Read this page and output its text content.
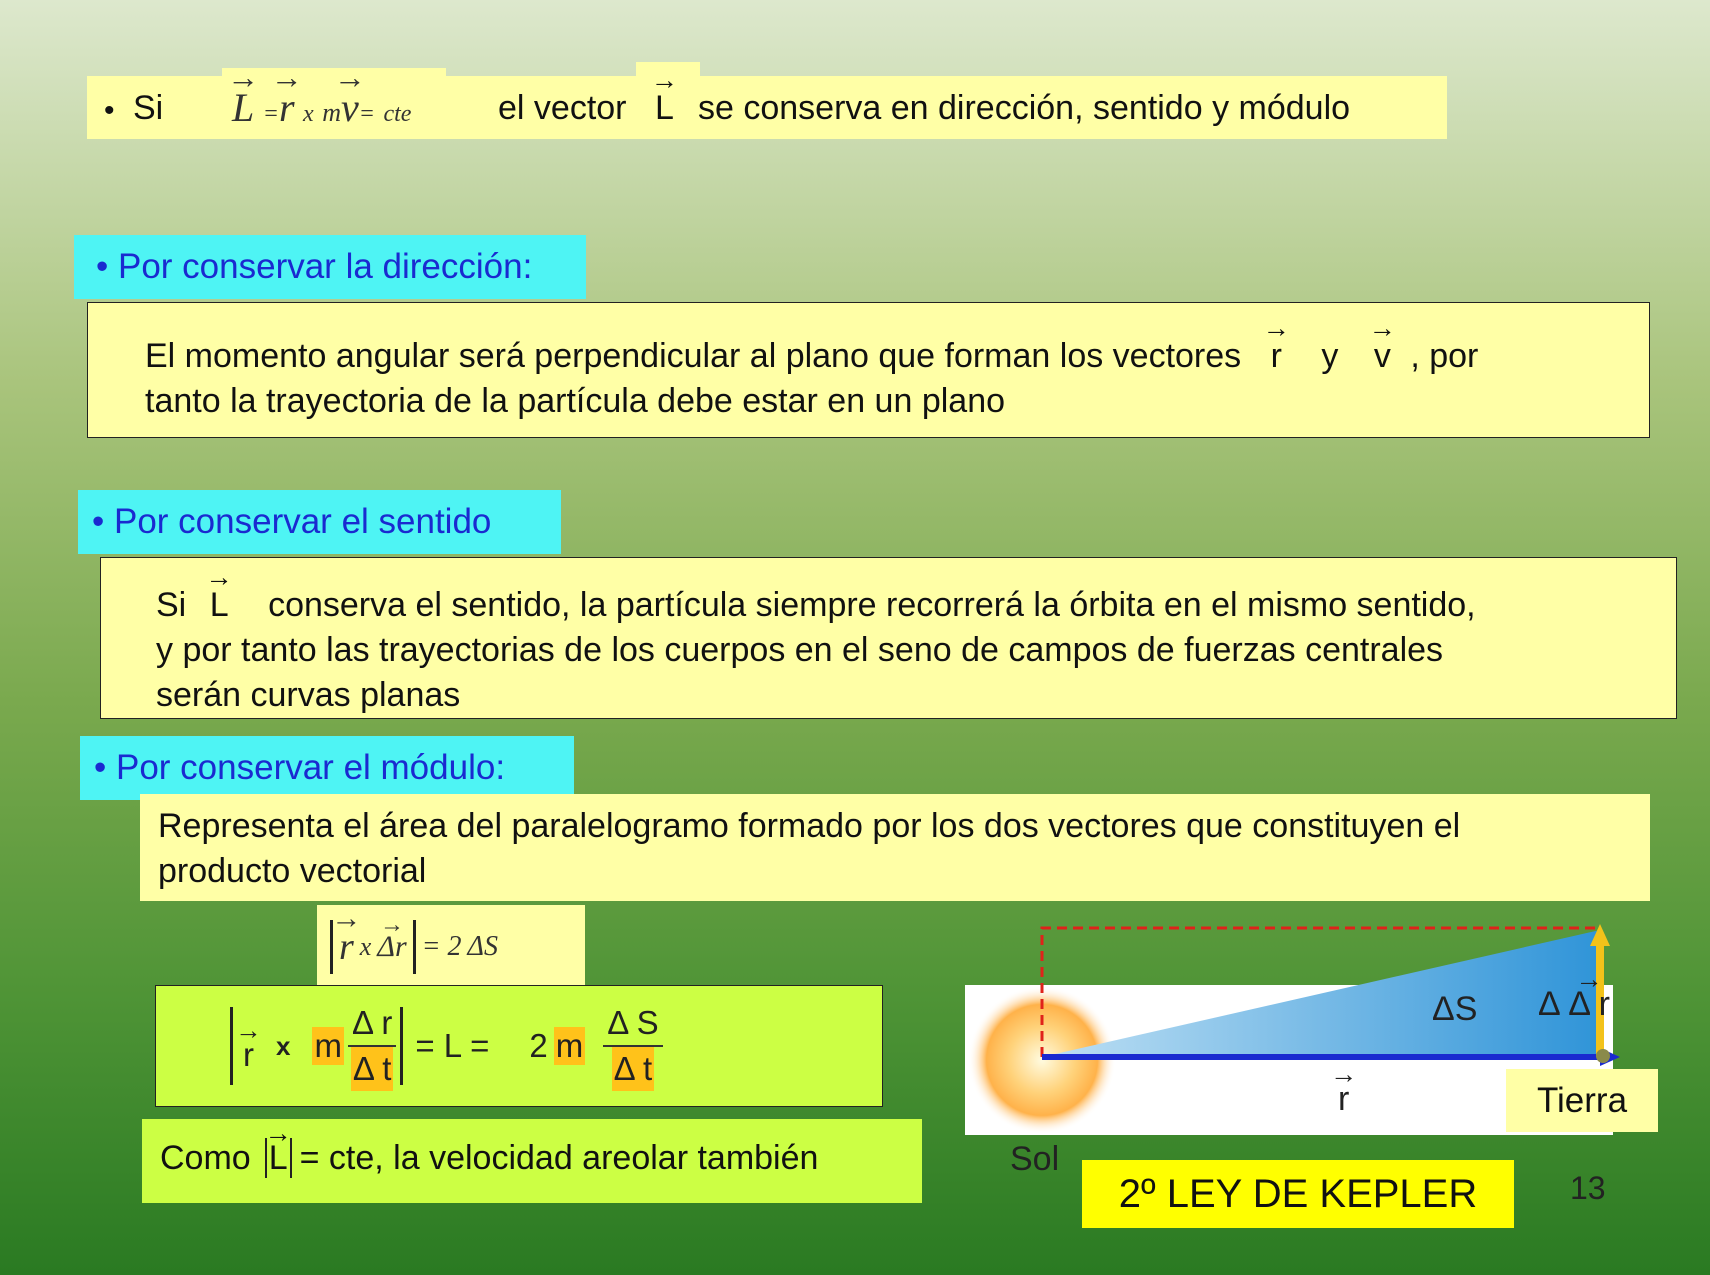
• Si → L =→ r x m→ v= cte	el vector → L se conserva en dirección, sentido y módulo
• Por conservar la dirección:
El momento angular será perpendicular al plano que forman los vectores → r y → v , por
tanto la trayectoria de la partícula debe estar en un plano
• Por conservar el sentido
Si → L conserva el sentido, la partícula siempre recorrerá la órbita en el mismo sentido,
y por tanto las trayectorias de los cuerpos en el seno de campos de fuerzas centrales
serán curvas planas
• Por conservar el módulo:
Representa el área del paralelogramo formado por los dos vectores que constituyen el
producto vectorial
→ r x → Δr = 2 ΔS
→ r x m $\frac{\text{Δ r}}{\text{Δ t}} = L = 2$ m $\frac{\text{Δ S}}{\text{Δ t}}$
Como → L = cte, la velocidad areolar también
ΔS Δ → Δ r
→ r	Tierra
Sol
2º LEY DE KEPLER	13
